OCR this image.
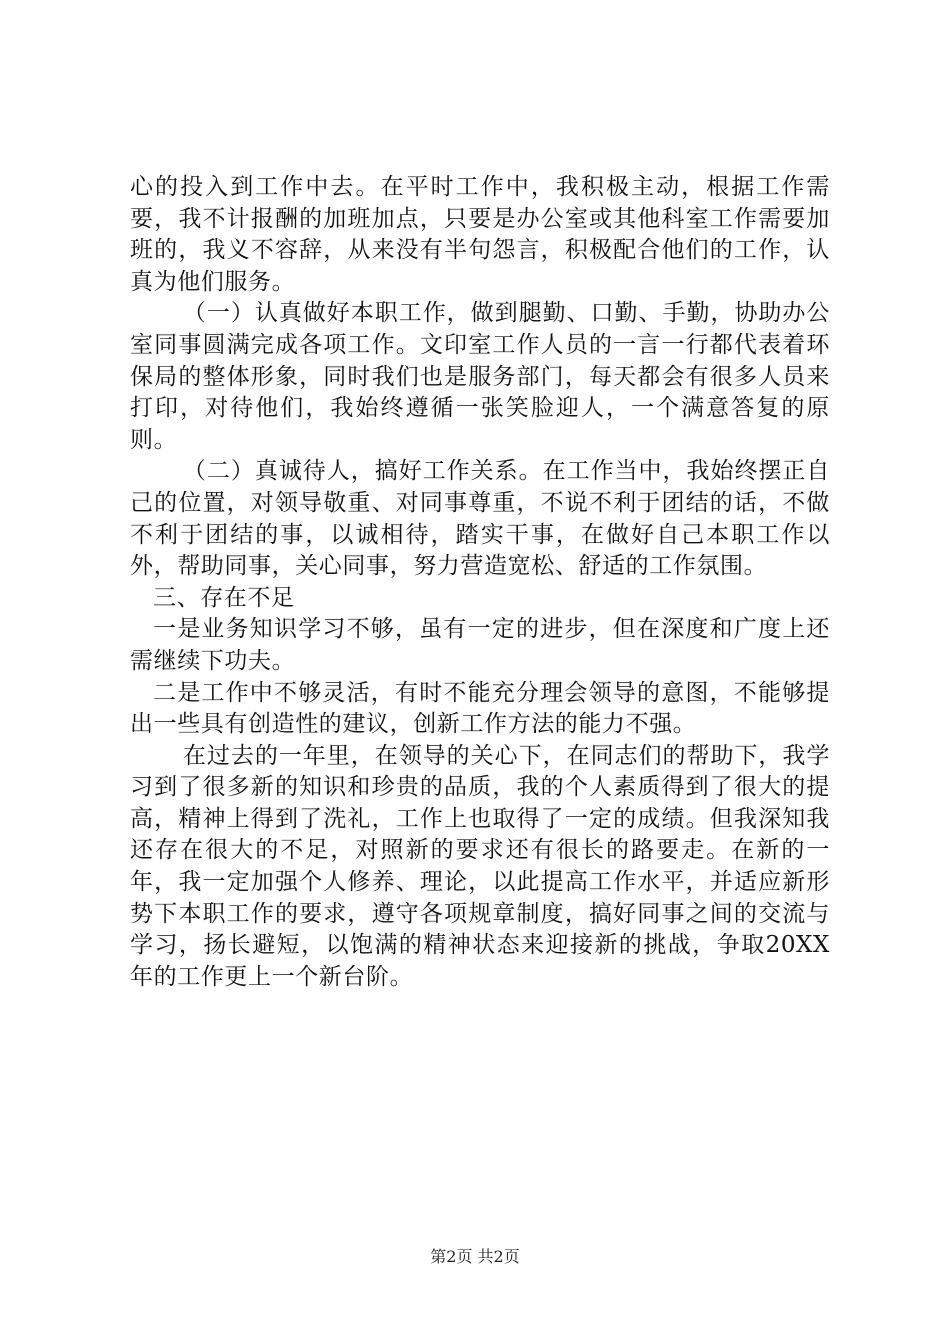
心的投入到工作中去。在平时工作中，我积极主动，根据工作需要，我不计报酬的加班加点，只要是办公室或其他科室工作需要加班的，我义不容辞，从来没有半句怨言，积极配合他们的工作，认真为他们服务。

（一）认真做好本职工作，做到腿勤、口勤、手勤，协助办公室同事圆满完成各项工作。文印室工作人员的一言一行都代表着环保局的整体形象，同时我们也是服务部门，每天都会有很多人员来打印，对待他们，我始终遵循一张笑脸迎人，一个满意答复的原则。

（二）真诚待人，搞好工作关系。在工作当中，我始终摆正自己的位置，对领导敬重、对同事尊重，不说不利于团结的话，不做不利于团结的事，以诚相待，踏实干事，在做好自己本职工作以外，帮助同事，关心同事，努力营造宽松、舒适的工作氛围。

三、存在不足

一是业务知识学习不够，虽有一定的进步，但在深度和广度上还需继续下功夫。

二是工作中不够灵活，有时不能充分理会领导的意图，不能够提出一些具有创造性的建议，创新工作方法的能力不强。

在过去的一年里，在领导的关心下，在同志们的帮助下，我学习到了很多新的知识和珍贵的品质，我的个人素质得到了很大的提高，精神上得到了洗礼，工作上也取得了一定的成绩。但我深知我还存在很大的不足，对照新的要求还有很长的路要走。在新的一年，我一定加强个人修养、理论，以此提高工作水平，并适应新形势下本职工作的要求，遵守各项规章制度，搞好同事之间的交流与学习，扬长避短，以饱满的精神状态来迎接新的挑战，争取20XX年的工作更上一个新台阶。

第2页 共2页
